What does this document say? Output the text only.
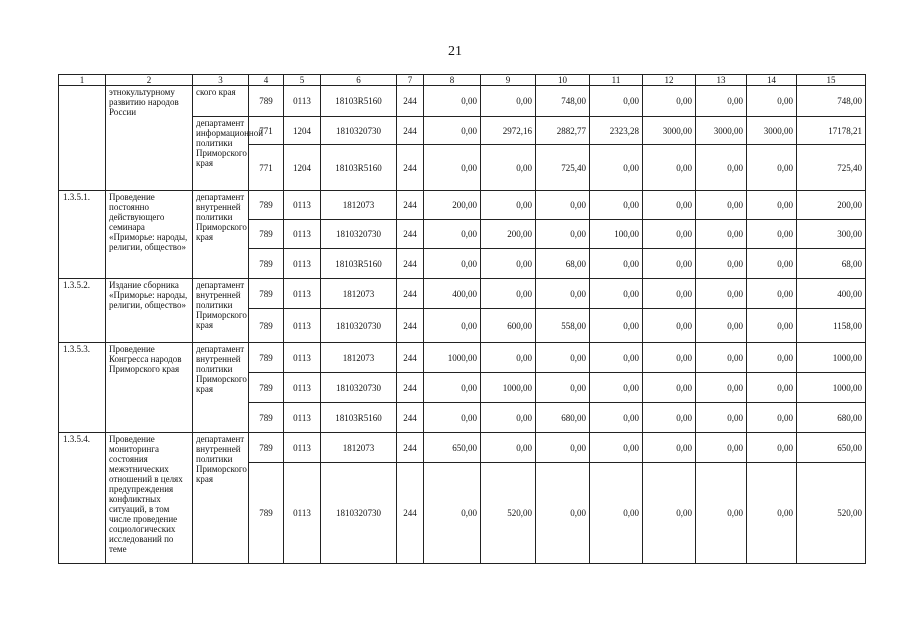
21
1	2	3	4	5	6	7	8	9	10	11	12	13	14	15
	этнокультурному развитию народов России	ского края	789	0113	18103R5160	244	0,00	0,00	748,00	0,00	0,00	0,00	0,00	748,00
		департамент информационной политики Приморского края	771	1204	1810320730	244	0,00	2972,16	2882,77	2323,28	3000,00	3000,00	3000,00	17178,21
			771	1204	18103R5160	244	0,00	0,00	725,40	0,00	0,00	0,00	0,00	725,40
1.3.5.1.	Проведение постоянно действующего семинара «Приморье: народы, религии, общество»	департамент внутренней политики Приморского края	789	0113	1812073	244	200,00	0,00	0,00	0,00	0,00	0,00	0,00	200,00
			789	0113	1810320730	244	0,00	200,00	0,00	100,00	0,00	0,00	0,00	300,00
			789	0113	18103R5160	244	0,00	0,00	68,00	0,00	0,00	0,00	0,00	68,00
1.3.5.2.	Издание сборника «Приморье: народы, религии, общество»	департамент внутренней политики Приморского края	789	0113	1812073	244	400,00	0,00	0,00	0,00	0,00	0,00	0,00	400,00
			789	0113	1810320730	244	0,00	600,00	558,00	0,00	0,00	0,00	0,00	1158,00
1.3.5.3.	Проведение Конгресса народов Приморского края	департамент внутренней политики Приморского края	789	0113	1812073	244	1000,00	0,00	0,00	0,00	0,00	0,00	0,00	1000,00
			789	0113	1810320730	244	0,00	1000,00	0,00	0,00	0,00	0,00	0,00	1000,00
			789	0113	18103R5160	244	0,00	0,00	680,00	0,00	0,00	0,00	0,00	680,00
1.3.5.4.	Проведение мониторинга состояния межэтнических отношений в целях предупреждения конфликтных ситуаций, в том числе проведение социологических исследований по теме	департамент внутренней политики Приморского края	789	0113	1812073	244	650,00	0,00	0,00	0,00	0,00	0,00	0,00	650,00
			789	0113	1810320730	244	0,00	520,00	0,00	0,00	0,00	0,00	0,00	520,00
